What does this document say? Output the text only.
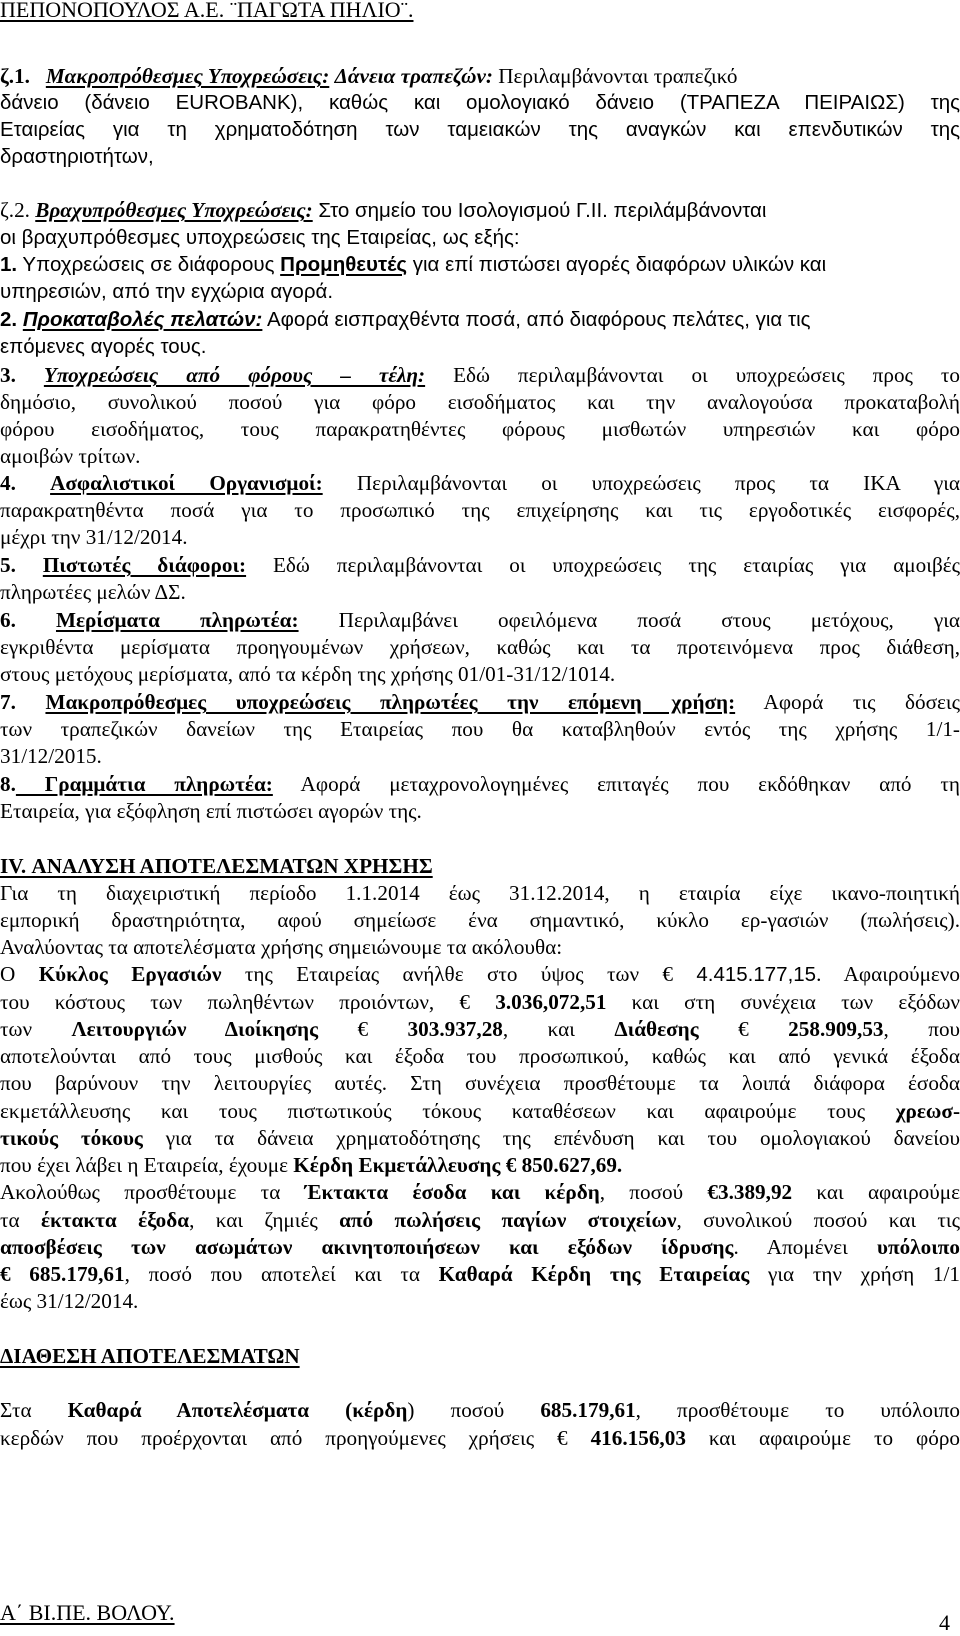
ΠΕΠΟΝΟΠΟΥΛΟΣ Α.Ε. ¨ΠΑΓΩΤΑ ΠΗΛΙΟ¨.
ζ.1. Μακροπρόθεσμες Υποχρεώσεις: Δάνεια τραπεζών: Περιλαμβάνονται τραπεζικό
δάνειο (δάνειο EUROBANK), καθώς και ομολογιακό δάνειο (ΤΡΑΠΕΖΑ ΠΕΙΡΑΙΩΣ) της
Εταιρείας για τη χρηματοδότηση των ταμειακών της αναγκών και επενδυτικών της
δραστηριοτήτων,
ζ.2. Βραχυπρόθεσμες Υποχρεώσεις: Στο σημείο του Ισολογισμού Γ.ΙΙ. περιλάμβάνονται
οι βραχυπρόθεσμες υποχρεώσεις της Εταιρείας, ως εξής:
1. Υποχρεώσεις σε διάφορους Προμηθευτές για επί πιστώσει αγορές διαφόρων υλικών και
υπηρεσιών, από την εγχώρια αγορά.
2. Προκαταβολές πελατών: Αφορά εισπραχθέντα ποσά, από διαφόρους πελάτες, για τις
επόμενες αγορές τους.
3. Υποχρεώσεις από φόρους – τέλη: Εδώ περιλαμβάνονται οι υποχρεώσεις προς το
δημόσιο, συνολικού ποσού για φόρο εισοδήματος και την αναλογούσα προκαταβολή
φόρου εισοδήματος, τους παρακρατηθέντες φόρους μισθωτών υπηρεσιών και φόρο
αμοιβών τρίτων.
4. Ασφαλιστικοί Οργανισμοί: Περιλαμβάνονται οι υποχρεώσεις προς τα ΙΚΑ για
παρακρατηθέντα ποσά για το προσωπικό της επιχείρησης και τις εργοδοτικές εισφορές,
μέχρι την 31/12/2014.
5. Πιστωτές διάφοροι: Εδώ περιλαμβάνονται οι υποχρεώσεις της εταιρίας για αμοιβές
πληρωτέες μελών ΔΣ.
6. Μερίσματα πληρωτέα: Περιλαμβάνει οφειλόμενα ποσά στους μετόχους, για
εγκριθέντα μερίσματα προηγουμένων χρήσεων, καθώς και τα προτεινόμενα προς διάθεση,
στους μετόχους μερίσματα, από τα κέρδη της χρήσης 01/01-31/12/1014.
7. Μακροπρόθεσμες υποχρεώσεις πληρωτέες την επόμενη χρήση: Αφορά τις δόσεις
των τραπεζικών δανείων της Εταιρείας που θα καταβληθούν εντός της χρήσης 1/1-
31/12/2015.
8. Γραμμάτια πληρωτέα: Αφορά μεταχρονολογημένες επιταγές που εκδόθηκαν από τη
Εταιρεία, για εξόφληση επί πιστώσει αγορών της.
IV. ΑΝΑΛΥΣΗ ΑΠΟΤΕΛΕΣΜΑΤΩΝ ΧΡΗΣΗΣ
Για τη διαχειριστική περίοδο 1.1.2014 έως 31.12.2014, η εταιρία είχε ικανο-ποιητική
εμπορική δραστηριότητα, αφού σημείωσε ένα σημαντικό, κύκλο ερ-γασιών (πωλήσεις).
Αναλύοντας τα αποτελέσματα χρήσης σημειώνουμε τα ακόλουθα:
Ο Κύκλος Εργασιών της Εταιρείας ανήλθε στο ύψος των € 4.415.177,15. Αφαιρούμενο
του κόστους των πωληθέντων προιόντων, € 3.036,072,51 και στη συνέχεια των εξόδων
των Λειτουργιών Διοίκησης € 303.937,28, και Διάθεσης € 258.909,53, που
αποτελούνται από τους μισθούς και έξοδα του προσωπικού, καθώς και από γενικά έξοδα
που βαρύνουν την λειτουργίες αυτές. Στη συνέχεια προσθέτουμε τα λοιπά διάφορα έσοδα
εκμετάλλευσης και τους πιστωτικούς τόκους καταθέσεων και αφαιρούμε τους χρεωσ-
τικούς τόκους για τα δάνεια χρηματοδότησης της επένδυση και του ομολογιακού δανείου
που έχει λάβει η Εταιρεία, έχουμε Κέρδη Εκμετάλλευσης € 850.627,69.
Ακολούθως προσθέτουμε τα Έκτακτα έσοδα και κέρδη, ποσού €3.389,92 και αφαιρούμε
τα έκτακτα έξοδα, και ζημιές από πωλήσεις παγίων στοιχείων, συνολικού ποσού και τις
αποσβέσεις των ασωμάτων ακινητοποιήσεων και εξόδων ίδρυσης. Απομένει υπόλοιπο
€ 685.179,61, ποσό που αποτελεί και τα Καθαρά Κέρδη της Εταιρείας για την χρήση 1/1
έως 31/12/2014.
ΔΙΑΘΕΣΗ ΑΠΟΤΕΛΕΣΜΑΤΩΝ
Στα Καθαρά Αποτελέσματα (κέρδη) ποσού 685.179,61, προσθέτουμε το υπόλοιπο
κερδών που προέρχονται από προηγούμενες χρήσεις € 416.156,03 και αφαιρούμε το φόρο
Α΄ ΒΙ.ΠΕ. ΒΟΛΟΥ.	4
